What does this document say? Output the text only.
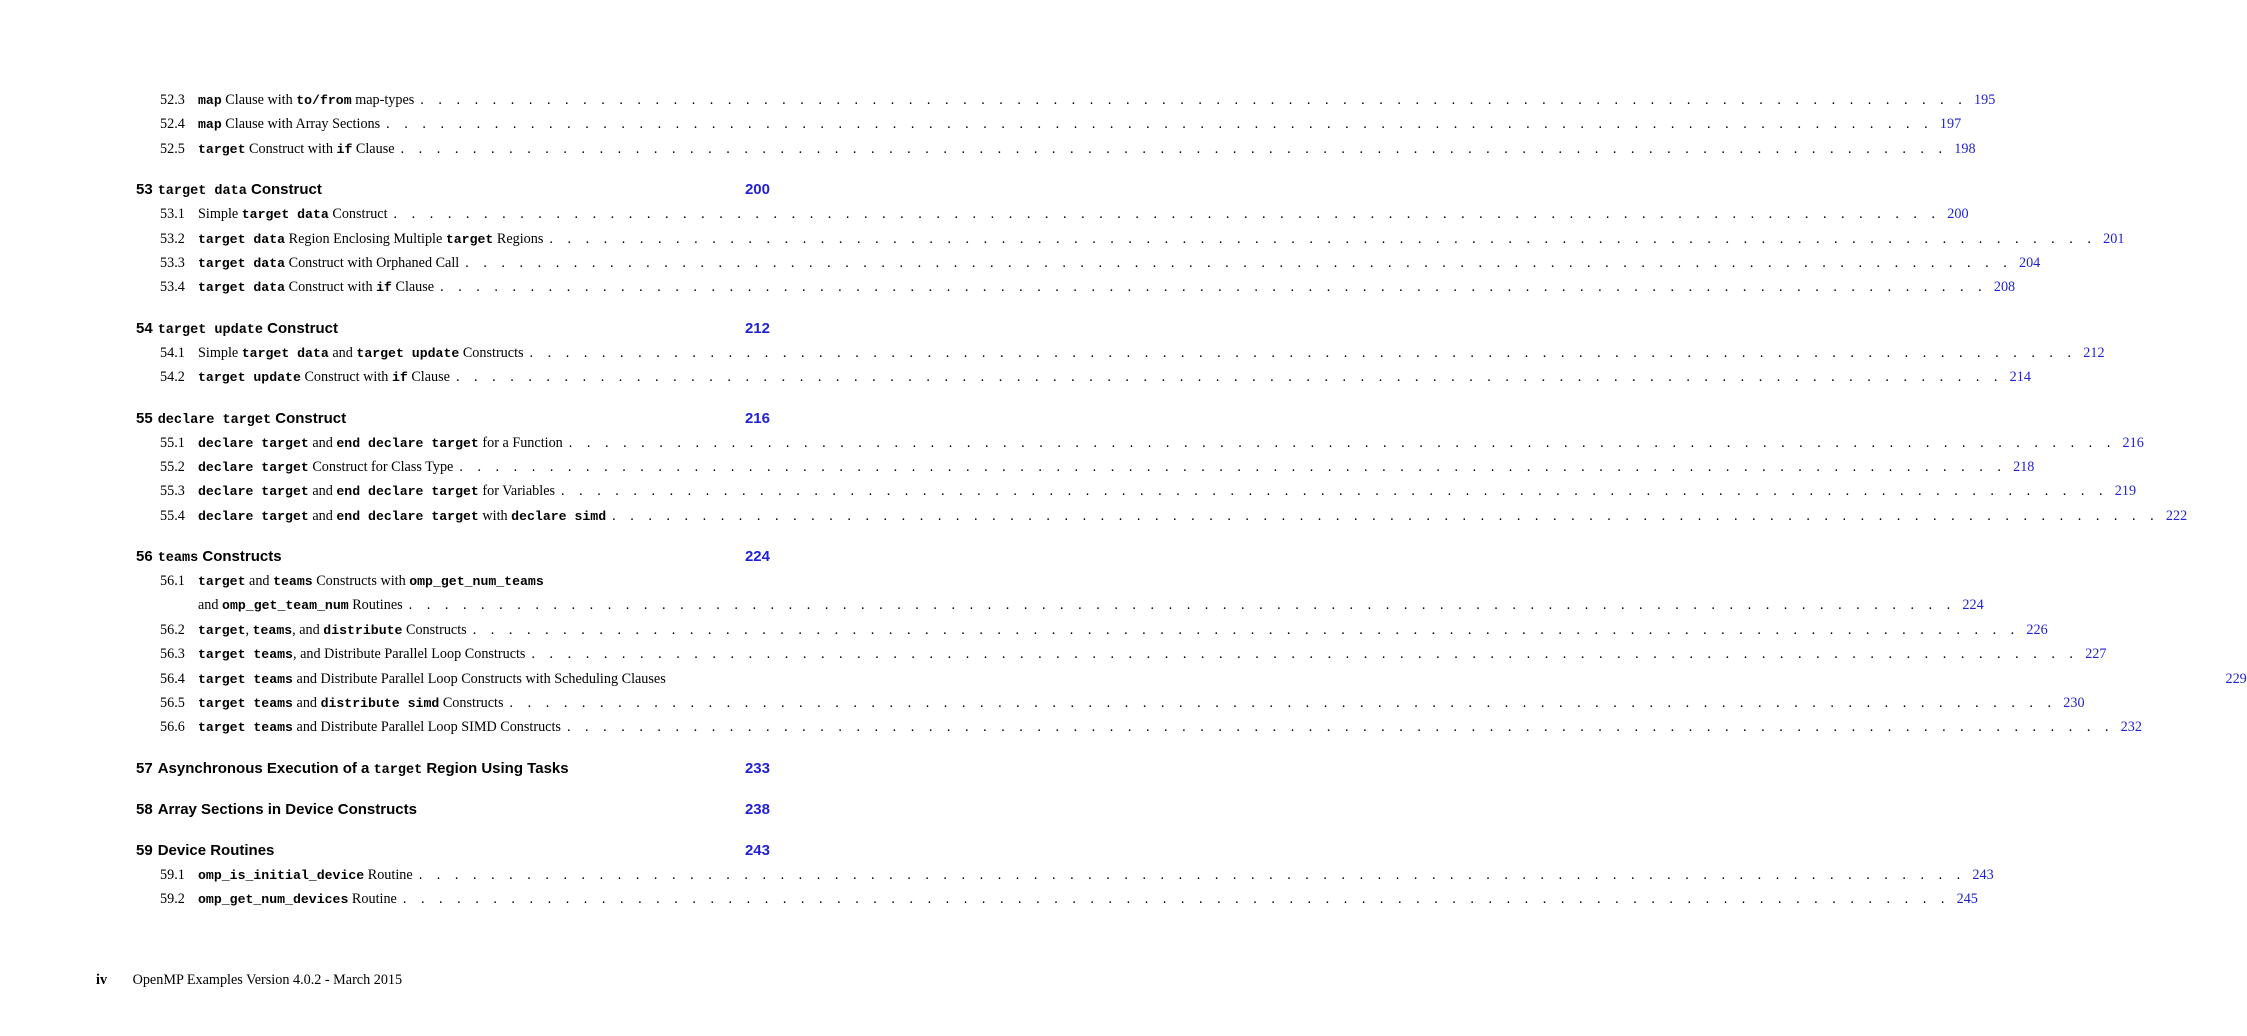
52.3 map Clause with to/from map-types . . . . . . . . . . . . . . . . . . . . . . . . . . . . . . . . . . . . . . . . . . . . . . . . . . . . . . . . . . . . . . . . . . . . . . . . . . . . . . . . . . . . . . 195
52.4 map Clause with Array Sections . . . . . . . . . . . . . . . . . . . . . . . . . . . . . . . . . . . . . . . . . . . . . . . . . . . . . . . . . . . . . . . . . . . . . . . . . . . . . . . . . . . . . . 197
52.5 target Construct with if Clause . . . . . . . . . . . . . . . . . . . . . . . . . . . . . . . . . . . . . . . . . . . . . . . . . . . . . . . . . . . . . . . . . . . . . . . . . . . . . . . . . . . . . . 198
53 target data Construct	200
53.1 Simple target data Construct . . . . . . . . . . . . . . . . . . . . . . . . . . . . . . . . . . . . . . . . . . . . . . . . . . . . . . . . . . . . . . . . . . . . . . . . . . . . . . . . . . . . . . 200
53.2 target data Region Enclosing Multiple target Regions . . . . . . . . . . . . . . . . . . . . . . . . . . . . . . . . . . . . . . . . . . . . . . . . . . . . . . . . . . . . . . . . . . . . . . . . . . . . . . . . . . . . . . 201
53.3 target data Construct with Orphaned Call . . . . . . . . . . . . . . . . . . . . . . . . . . . . . . . . . . . . . . . . . . . . . . . . . . . . . . . . . . . . . . . . . . . . . . . . . . . . . . . . . . . . . . 204
53.4 target data Construct with if Clause . . . . . . . . . . . . . . . . . . . . . . . . . . . . . . . . . . . . . . . . . . . . . . . . . . . . . . . . . . . . . . . . . . . . . . . . . . . . . . . . . . . . . . 208
54 target update Construct	212
54.1 Simple target data and target update Constructs . . . . . . . . . . . . . . . . . . . . . . . . . . . . . . . . . . . . . . . . . . . . . . . . . . . . . . . . . . . . . . . . . . . . . . . . . . . . . . . . . . . . . . 212
54.2 target update Construct with if Clause . . . . . . . . . . . . . . . . . . . . . . . . . . . . . . . . . . . . . . . . . . . . . . . . . . . . . . . . . . . . . . . . . . . . . . . . . . . . . . . . . . . . . . 214
55 declare target Construct	216
55.1 declare target and end declare target for a Function . . . . . . . . . . . . . . . . . . . . . . . . . . . . . . . . . . . . . . . . . . . . . . . . . . . . . . . . . . . . . . . . . . . . . . . . . . . . . . . . . . . . . . 216
55.2 declare target Construct for Class Type . . . . . . . . . . . . . . . . . . . . . . . . . . . . . . . . . . . . . . . . . . . . . . . . . . . . . . . . . . . . . . . . . . . . . . . . . . . . . . . . . . . . . . 218
55.3 declare target and end declare target for Variables . . . . . . . . . . . . . . . . . . . . . . . . . . . . . . . . . . . . . . . . . . . . . . . . . . . . . . . . . . . . . . . . . . . . . . . . . . . . . . . . . . . . . . 219
55.4 declare target and end declare target with declare simd . . . . . . . . . . . . . . . . . . . . . . . . . . . . . . . . . . . . . . . . . . . . . . . . . . . . . . . . . . . . . . . . . . . . . . . . . . . . . . . . . . . . . . 222
56 teams Constructs	224
56.1 target and teams Constructs with omp_get_num_teams
and omp_get_team_num Routines . . . . . . . . . . . . . . . . . . . . . . . . . . . . . . . . . . . . . . . . . . . . . . . . . . . . . . . . . . . . . . . . . . . . . . . . . . . . . . . . . . . . . . 224
56.2 target, teams, and distribute Constructs . . . . . . . . . . . . . . . . . . . . . . . . . . . . . . . . . . . . . . . . . . . . . . . . . . . . . . . . . . . . . . . . . . . . . . . . . . . . . . . . . . . . . . 226
56.3 target teams, and Distribute Parallel Loop Constructs . . . . . . . . . . . . . . . . . . . . . . . . . . . . . . . . . . . . . . . . . . . . . . . . . . . . . . . . . . . . . . . . . . . . . . . . . . . . . . . . . . . . . . 227
56.4 target teams and Distribute Parallel Loop Constructs with Scheduling Clauses	229
56.5 target teams and distribute simd Constructs . . . . . . . . . . . . . . . . . . . . . . . . . . . . . . . . . . . . . . . . . . . . . . . . . . . . . . . . . . . . . . . . . . . . . . . . . . . . . . . . . . . . . . 230
56.6 target teams and Distribute Parallel Loop SIMD Constructs . . . . . . . . . . . . . . . . . . . . . . . . . . . . . . . . . . . . . . . . . . . . . . . . . . . . . . . . . . . . . . . . . . . . . . . . . . . . . . . . . . . . . . 232
57 Asynchronous Execution of a target Region Using Tasks	233
58 Array Sections in Device Constructs	238
59 Device Routines	243
59.1 omp_is_initial_device Routine . . . . . . . . . . . . . . . . . . . . . . . . . . . . . . . . . . . . . . . . . . . . . . . . . . . . . . . . . . . . . . . . . . . . . . . . . . . . . . . . . . . . . . 243
59.2 omp_get_num_devices Routine . . . . . . . . . . . . . . . . . . . . . . . . . . . . . . . . . . . . . . . . . . . . . . . . . . . . . . . . . . . . . . . . . . . . . . . . . . . . . . . . . . . . . . 245
iv OpenMP Examples Version 4.0.2 - March 2015
